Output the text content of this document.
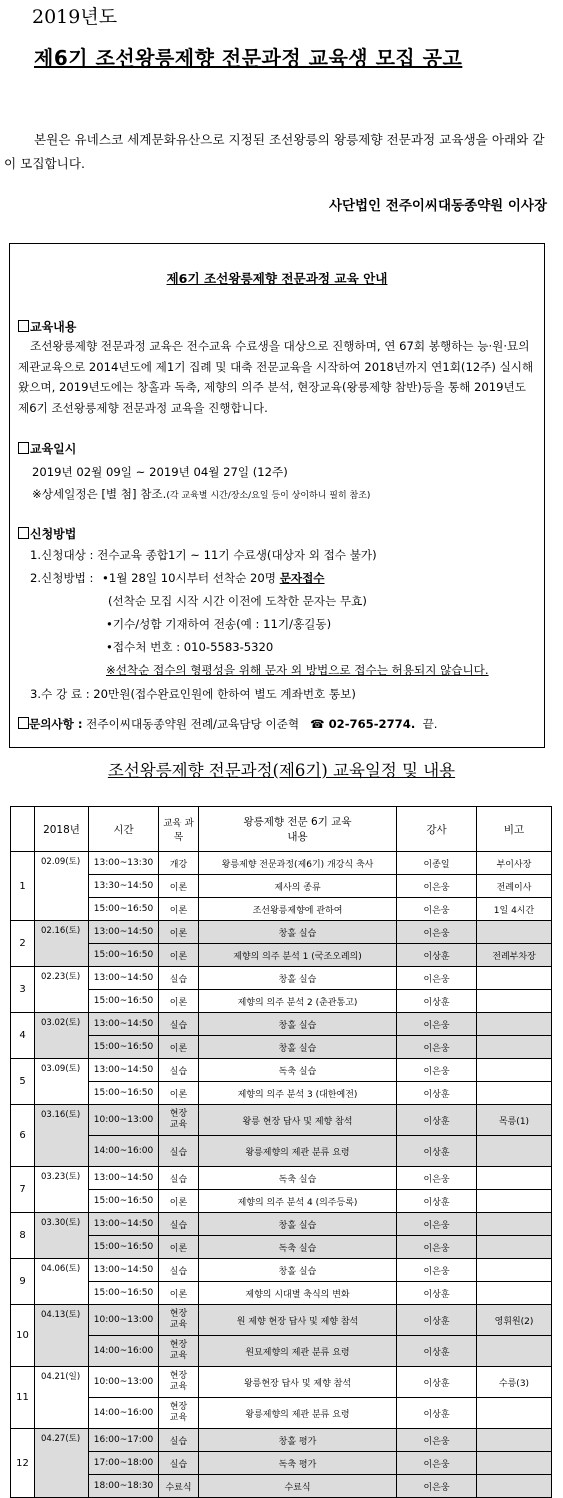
2019년도
제6기 조선왕릉제향 전문과정 교육생 모집 공고

본원은 유네스코 세계문화유산으로 지정된 조선왕릉의 왕릉제향 전문과정 교육생을 아래와 같이 모집합니다.

사단법인 전주이씨대동종약원 이사장
제6기 조선왕릉제향 전문과정 교육 안내
교육내용
조선왕릉제향 전문과정 교육은 전수교육 수료생을 대상으로 진행하며, 연 67회 봉행하는 능·원·묘의 제관교육으로 2014년도에 제1기 집례 및 대축 전문교육을 시작하여 2018년까지 연1회(12주) 실시해왔으며, 2019년도에는 창홀과 독축, 제향의 의주 분석, 현장교육(왕릉제향 참반)등을 통해 2019년도 제6기 조선왕릉제향 전문과정 교육을 진행합니다.
교육일시
2019년 02월 09일 ~ 2019년 04월 27일 (12주)
※상세일정은 [별 첨] 참조.(각 교육별 시간/장소/요일 등이 상이하니 필히 참조)
신청방법
1.신청대상 : 전수교육 종합1기 ~ 11기 수료생(대상자 외 접수 불가)
2.신청방법 : •1월 28일 10시부터 선착순 20명 문자접수
(선착순 모집 시작 시간 이전에 도착한 문자는 무효)
•기수/성함 기재하여 전송(예 : 11기/홍길동)
•접수처 번호 : 010-5583-5320
※선착순 접수의 형평성을 위해 문자 외 방법으로 접수는 허용되지 않습니다.
3.수 강 료 : 20만원(접수완료인원에 한하여 별도 계좌번호 통보)
문의사항 : 전주이씨대동종약원 전례/교육담당 이준혁 ☎ 02-765-2774. 끝.
조선왕릉제향 전문과정(제6기) 교육일정 및 내용
	2018년	시간	교육 과목	왕릉제향 전문 6기 교육 내용	강사	비고
1	02.09(토)	13:00~13:30	개강	왕릉제향 전문과정(제6기) 개강식 축사	이종일	부이사장
		13:30~14:50	이론	제사의 종류	이은웅	전례이사
		15:00~16:50	이론	조선왕릉제향에 관하여	이은웅	1일 4시간
2	02.16(토)	13:00~14:50	이론	창홀 실습	이은웅	
		15:00~16:50	이론	제향의 의주 분석 1 (국조오례의)	이상훈	전례부차장
3	02.23(토)	13:00~14:50	실습	창홀 실습	이은웅	
		15:00~16:50	이론	제향의 의주 분석 2 (춘관통고)	이상훈	
4	03.02(토)	13:00~14:50	실습	창홀 실습	이은웅	
		15:00~16:50	이론	창홀 실습	이은웅	
5	03.09(토)	13:00~14:50	실습	독축 실습	이은웅	
		15:00~16:50	이론	제향의 의주 분석 3 (대한예전)	이상훈	
6	03.16(토)	10:00~13:00	현장 교육	왕릉 현장 답사 및 제향 참석	이상훈	목릉(1)
		14:00~16:00	실습	왕릉제향의 제관 분류 요령	이상훈	
7	03.23(토)	13:00~14:50	실습	독축 실습	이은웅	
		15:00~16:50	이론	제향의 의주 분석 4 (의주등록)	이상훈	
8	03.30(토)	13:00~14:50	실습	창홀 실습	이은웅	
		15:00~16:50	이론	독축 실습	이은웅	
9	04.06(토)	13:00~14:50	실습	창홀 실습	이은웅	
		15:00~16:50	이론	제향의 시대별 축식의 변화	이상훈	
10	04.13(토)	10:00~13:00	현장 교육	원 제향 현장 답사 및 제향 참석	이상훈	영휘원(2)
		14:00~16:00	현장 교육	원묘제향의 제관 분류 요령	이상훈	
11	04.21(일)	10:00~13:00	현장 교육	왕릉현장 답사 및 제향 참석	이상훈	수릉(3)
		14:00~16:00	현장 교육	왕릉제향의 제관 분류 요령	이상훈	
12	04.27(토)	16:00~17:00	실습	창홀 평가	이은웅	
		17:00~18:00	실습	독축 평가	이은웅	
		18:00~18:30	수료식	수료식	이은웅	
